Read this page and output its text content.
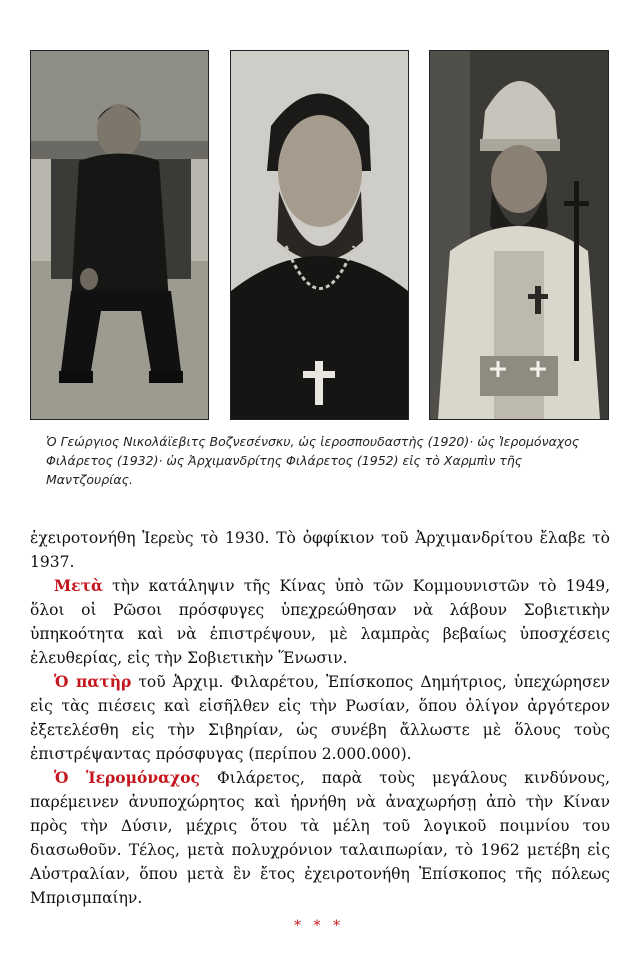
Ὁ Γεώργιος Νικολάϊεβιτς Βοζνεσένσκυ, ὡς ἱεροσπουδαστὴς (1920)· ὡς Ἱερομόναχος Φιλάρετος (1932)· ὡς Ἀρχιμανδρίτης Φιλάρετος (1952) εἰς τὸ Χαρμπὶν τῆς Μαντζουρίας.

ἐχειροτονήθη Ἱερεὺς τὸ 1930. Τὸ ὀφφίκιον τοῦ Ἀρχιμανδρίτου ἔλαβε τὸ 1937.

Μετὰ τὴν κατάληψιν τῆς Κίνας ὑπὸ τῶν Κομμουνιστῶν τὸ 1949, ὅλοι οἱ Ρῶσοι πρόσφυγες ὑπεχρεώθησαν νὰ λάβουν Σοβιετικὴν ὑπηκοότητα καὶ νὰ ἐπιστρέψουν, μὲ λαμπρὰς βεβαίως ὑποσχέσεις ἐλευθερίας, εἰς τὴν Σοβιετικὴν Ἕνωσιν.

Ὁ πατὴρ τοῦ Ἀρχιμ. Φιλαρέτου, Ἐπίσκοπος Δημήτριος, ὑπεχώρησεν εἰς τὰς πιέσεις καὶ εἰσῆλθεν εἰς τὴν Ρωσίαν, ὅπου ὀλίγον ἀργότερον ἐξετελέσθη εἰς τὴν Σιβηρίαν, ὡς συνέβη ἄλλωστε μὲ ὅλους τοὺς ἐπιστρέψαντας πρόσφυγας (περίπου 2.000.000).

Ὁ Ἱερομόναχος Φιλάρετος, παρὰ τοὺς μεγάλους κινδύνους, παρέμεινεν ἀνυποχώρητος καὶ ἠρνήθη νὰ ἀναχωρήσῃ ἀπὸ τὴν Κίναν πρὸς τὴν Δύσιν, μέχρις ὅτου τὰ μέλη τοῦ λογικοῦ ποιμνίου του διασωθοῦν. Τέλος, μετὰ πολυχρόνιον ταλαιπωρίαν, τὸ 1962 μετέβη εἰς Αὐστραλίαν, ὅπου μετὰ ἓν ἔτος ἐχειροτονήθη Ἐπίσκοπος τῆς πόλεως Μπρισμπαίην.

* * *
